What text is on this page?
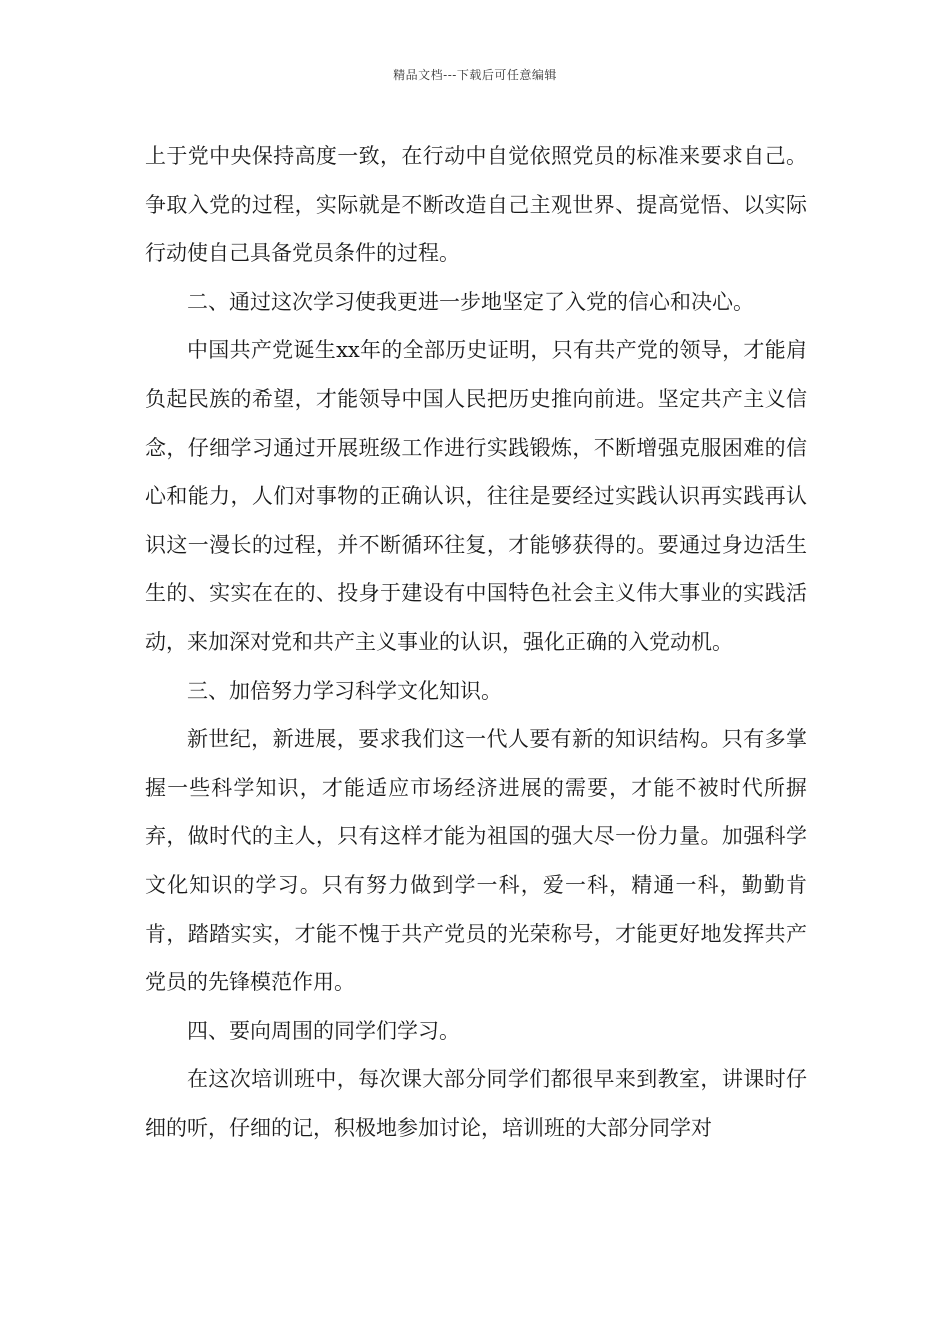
精品文档---下载后可任意编辑

上于党中央保持高度一致，在行动中自觉依照党员的标准来要求自己。争取入党的过程，实际就是不断改造自己主观世界、提高觉悟、以实际行动使自己具备党员条件的过程。

二、通过这次学习使我更进一步地坚定了入党的信心和决心。

中国共产党诞生xx年的全部历史证明，只有共产党的领导，才能肩负起民族的希望，才能领导中国人民把历史推向前进。坚定共产主义信念，仔细学习通过开展班级工作进行实践锻炼，不断增强克服困难的信心和能力，人们对事物的正确认识，往往是要经过实践认识再实践再认识这一漫长的过程，并不断循环往复，才能够获得的。要通过身边活生生的、实实在在的、投身于建设有中国特色社会主义伟大事业的实践活动，来加深对党和共产主义事业的认识，强化正确的入党动机。

三、加倍努力学习科学文化知识。

新世纪，新进展，要求我们这一代人要有新的知识结构。只有多掌握一些科学知识，才能适应市场经济进展的需要，才能不被时代所摒弃，做时代的主人，只有这样才能为祖国的强大尽一份力量。加强科学文化知识的学习。只有努力做到学一科，爱一科，精通一科，勤勤肯肯，踏踏实实，才能不愧于共产党员的光荣称号，才能更好地发挥共产党员的先锋模范作用。

四、要向周围的同学们学习。

在这次培训班中，每次课大部分同学们都很早来到教室，讲课时仔细的听，仔细的记，积极地参加讨论，培训班的大部分同学对
